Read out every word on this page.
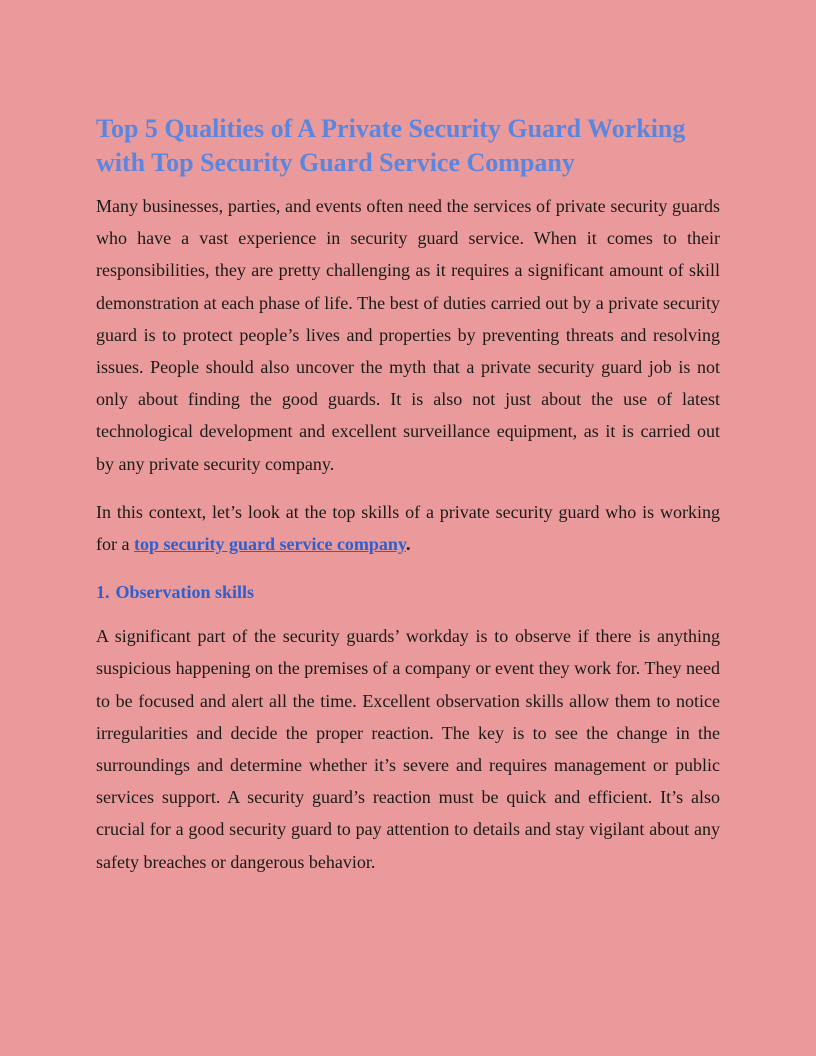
Top 5 Qualities of A Private Security Guard Working with Top Security Guard Service Company

Many businesses, parties, and events often need the services of private security guards who have a vast experience in security guard service. When it comes to their responsibilities, they are pretty challenging as it requires a significant amount of skill demonstration at each phase of life. The best of duties carried out by a private security guard is to protect people’s lives and properties by preventing threats and resolving issues. People should also uncover the myth that a private security guard job is not only about finding the good guards. It is also not just about the use of latest technological development and excellent surveillance equipment, as it is carried out by any private security company.

In this context, let’s look at the top skills of a private security guard who is working for a top security guard service company.

1. Observation skills

A significant part of the security guards’ workday is to observe if there is anything suspicious happening on the premises of a company or event they work for. They need to be focused and alert all the time. Excellent observation skills allow them to notice irregularities and decide the proper reaction. The key is to see the change in the surroundings and determine whether it’s severe and requires management or public services support. A security guard’s reaction must be quick and efficient. It’s also crucial for a good security guard to pay attention to details and stay vigilant about any safety breaches or dangerous behavior.
